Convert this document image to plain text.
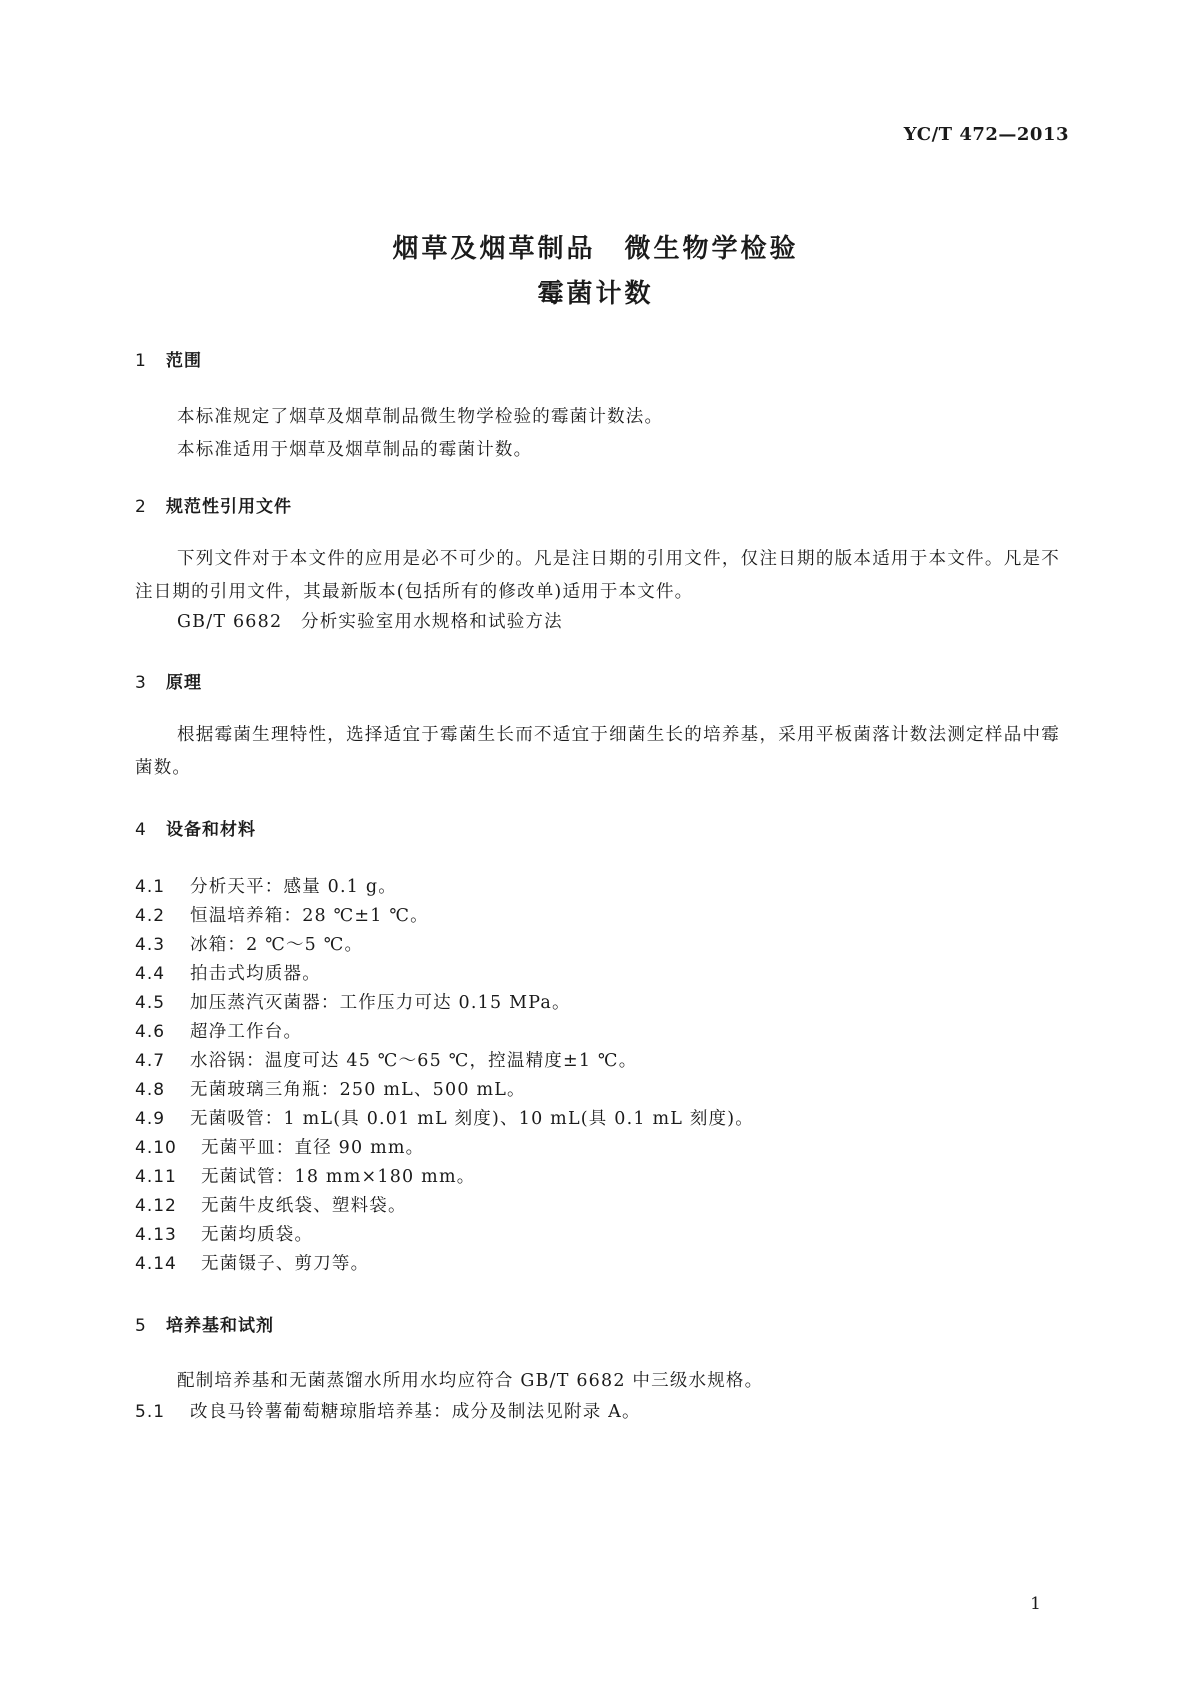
YC/T 472—2013
烟草及烟草制品　微生物学检验
霉菌计数
1 范围
本标准规定了烟草及烟草制品微生物学检验的霉菌计数法。
本标准适用于烟草及烟草制品的霉菌计数。
2 规范性引用文件
下列文件对于本文件的应用是必不可少的。凡是注日期的引用文件，仅注日期的版本适用于本文件。凡是不注日期的引用文件，其最新版本(包括所有的修改单)适用于本文件。
GB/T 6682　分析实验室用水规格和试验方法
3 原理
根据霉菌生理特性，选择适宜于霉菌生长而不适宜于细菌生长的培养基，采用平板菌落计数法测定样品中霉菌数。
4 设备和材料
4.1 分析天平：感量 0.1 g。
4.2 恒温培养箱：28 ℃±1 ℃。
4.3 冰箱：2 ℃～5 ℃。
4.4 拍击式均质器。
4.5 加压蒸汽灭菌器：工作压力可达 0.15 MPa。
4.6 超净工作台。
4.7 水浴锅：温度可达 45 ℃～65 ℃，控温精度±1 ℃。
4.8 无菌玻璃三角瓶：250 mL、500 mL。
4.9 无菌吸管：1 mL(具 0.01 mL 刻度)、10 mL(具 0.1 mL 刻度)。
4.10 无菌平皿：直径 90 mm。
4.11 无菌试管：18 mm×180 mm。
4.12 无菌牛皮纸袋、塑料袋。
4.13 无菌均质袋。
4.14 无菌镊子、剪刀等。
5 培养基和试剂
配制培养基和无菌蒸馏水所用水均应符合 GB/T 6682 中三级水规格。
5.1 改良马铃薯葡萄糖琼脂培养基：成分及制法见附录 A。
1
